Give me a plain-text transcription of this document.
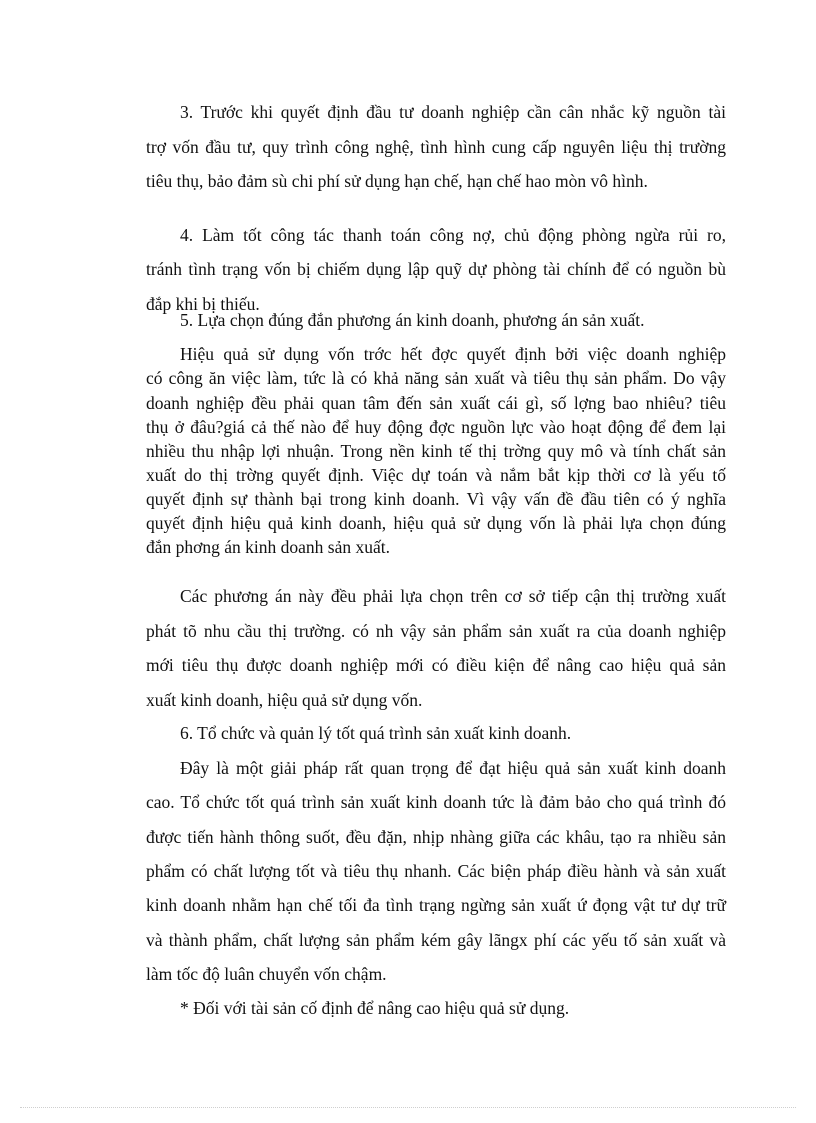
3. Trước khi quyết định đầu tư doanh nghiệp cần cân nhắc kỹ nguồn tài
trợ vốn đầu tư, quy trình công nghệ, tình hình cung cấp nguyên liệu thị trường
tiêu thụ, bảo đảm sù chi phí sử dụng hạn chế, hạn chế hao mòn vô hình.
4. Làm tốt công tác thanh toán công nợ, chủ động phòng ngừa rủi ro,
tránh tình trạng vốn bị chiếm dụng lập quỹ dự phòng tài chính để có nguồn bù
đắp khi bị thiếu.
5. Lựa chọn đúng đắn phương án kinh doanh, phương án sản xuất.
Hiệu quả sử dụng vốn trớc hết đợc quyết định bởi việc doanh nghiệp
có công ăn việc làm, tức là có khả năng sản xuất và tiêu thụ sản phẩm. Do vậy
doanh nghiệp đều phải quan tâm đến sản xuất cái gì, số lợng bao nhiêu? tiêu
thụ ở đâu?giá cả thế nào để huy động đợc nguồn lực vào hoạt động để đem lại
nhiều thu nhập lợi nhuận. Trong nền kinh tế thị trờng quy mô và tính chất sản
xuất do thị trờng quyết định. Việc dự toán và nắm bắt kịp thời cơ là yếu tố
quyết định sự thành bại trong kinh doanh. Vì vậy vấn đề đầu tiên có ý nghĩa
quyết định hiệu quả kinh doanh, hiệu quả sử dụng vốn là phải lựa chọn đúng
đắn phơng án kinh doanh sản xuất.
Các phương án này đều phải lựa chọn trên cơ sở tiếp cận thị trường xuất
phát tõ nhu cầu thị trường. có nh vậy sản phẩm sản xuất ra của doanh nghiệp
mới tiêu thụ được doanh nghiệp mới có điều kiện để nâng cao hiệu quả sản
xuất kinh doanh, hiệu quả sử dụng vốn.
6. Tổ chức và quản lý tốt quá trình sản xuất kinh doanh.
Đây là một giải pháp rất quan trọng để đạt hiệu quả sản xuất kinh doanh
cao. Tổ chức tốt quá trình sản xuất kinh doanh tức là đảm bảo cho quá trình đó
được tiến hành thông suốt, đều đặn, nhịp nhàng giữa các khâu, tạo ra nhiều sản
phẩm có chất lượng tốt và tiêu thụ nhanh. Các biện pháp điều hành và sản xuất
kinh doanh nhằm hạn chế tối đa tình trạng ngừng sản xuất ứ đọng vật tư dự trữ
và thành phẩm, chất lượng sản phẩm kém gây lãngx phí các yếu tố sản xuất và
làm tốc độ luân chuyển vốn chậm.
* Đối với tài sản cố định để nâng cao hiệu quả sử dụng.
